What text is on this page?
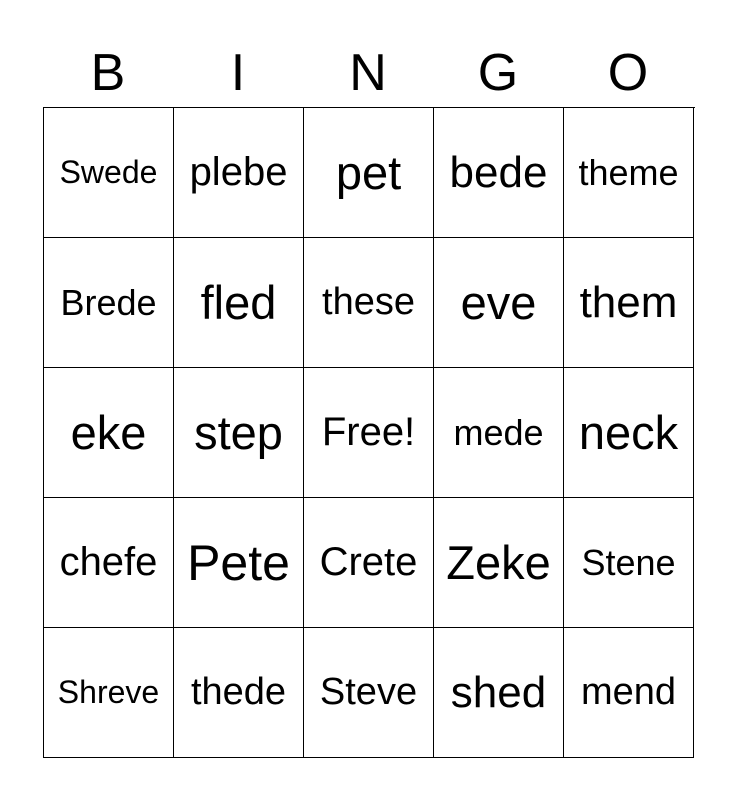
B	I	N	G	O
Swede plebe	pet	bede theme
Brede fled	these eve them
eke	step Free!	mede neck
chefe Pete Crete Zeke Stene
Shreve thede Steve shed mend
